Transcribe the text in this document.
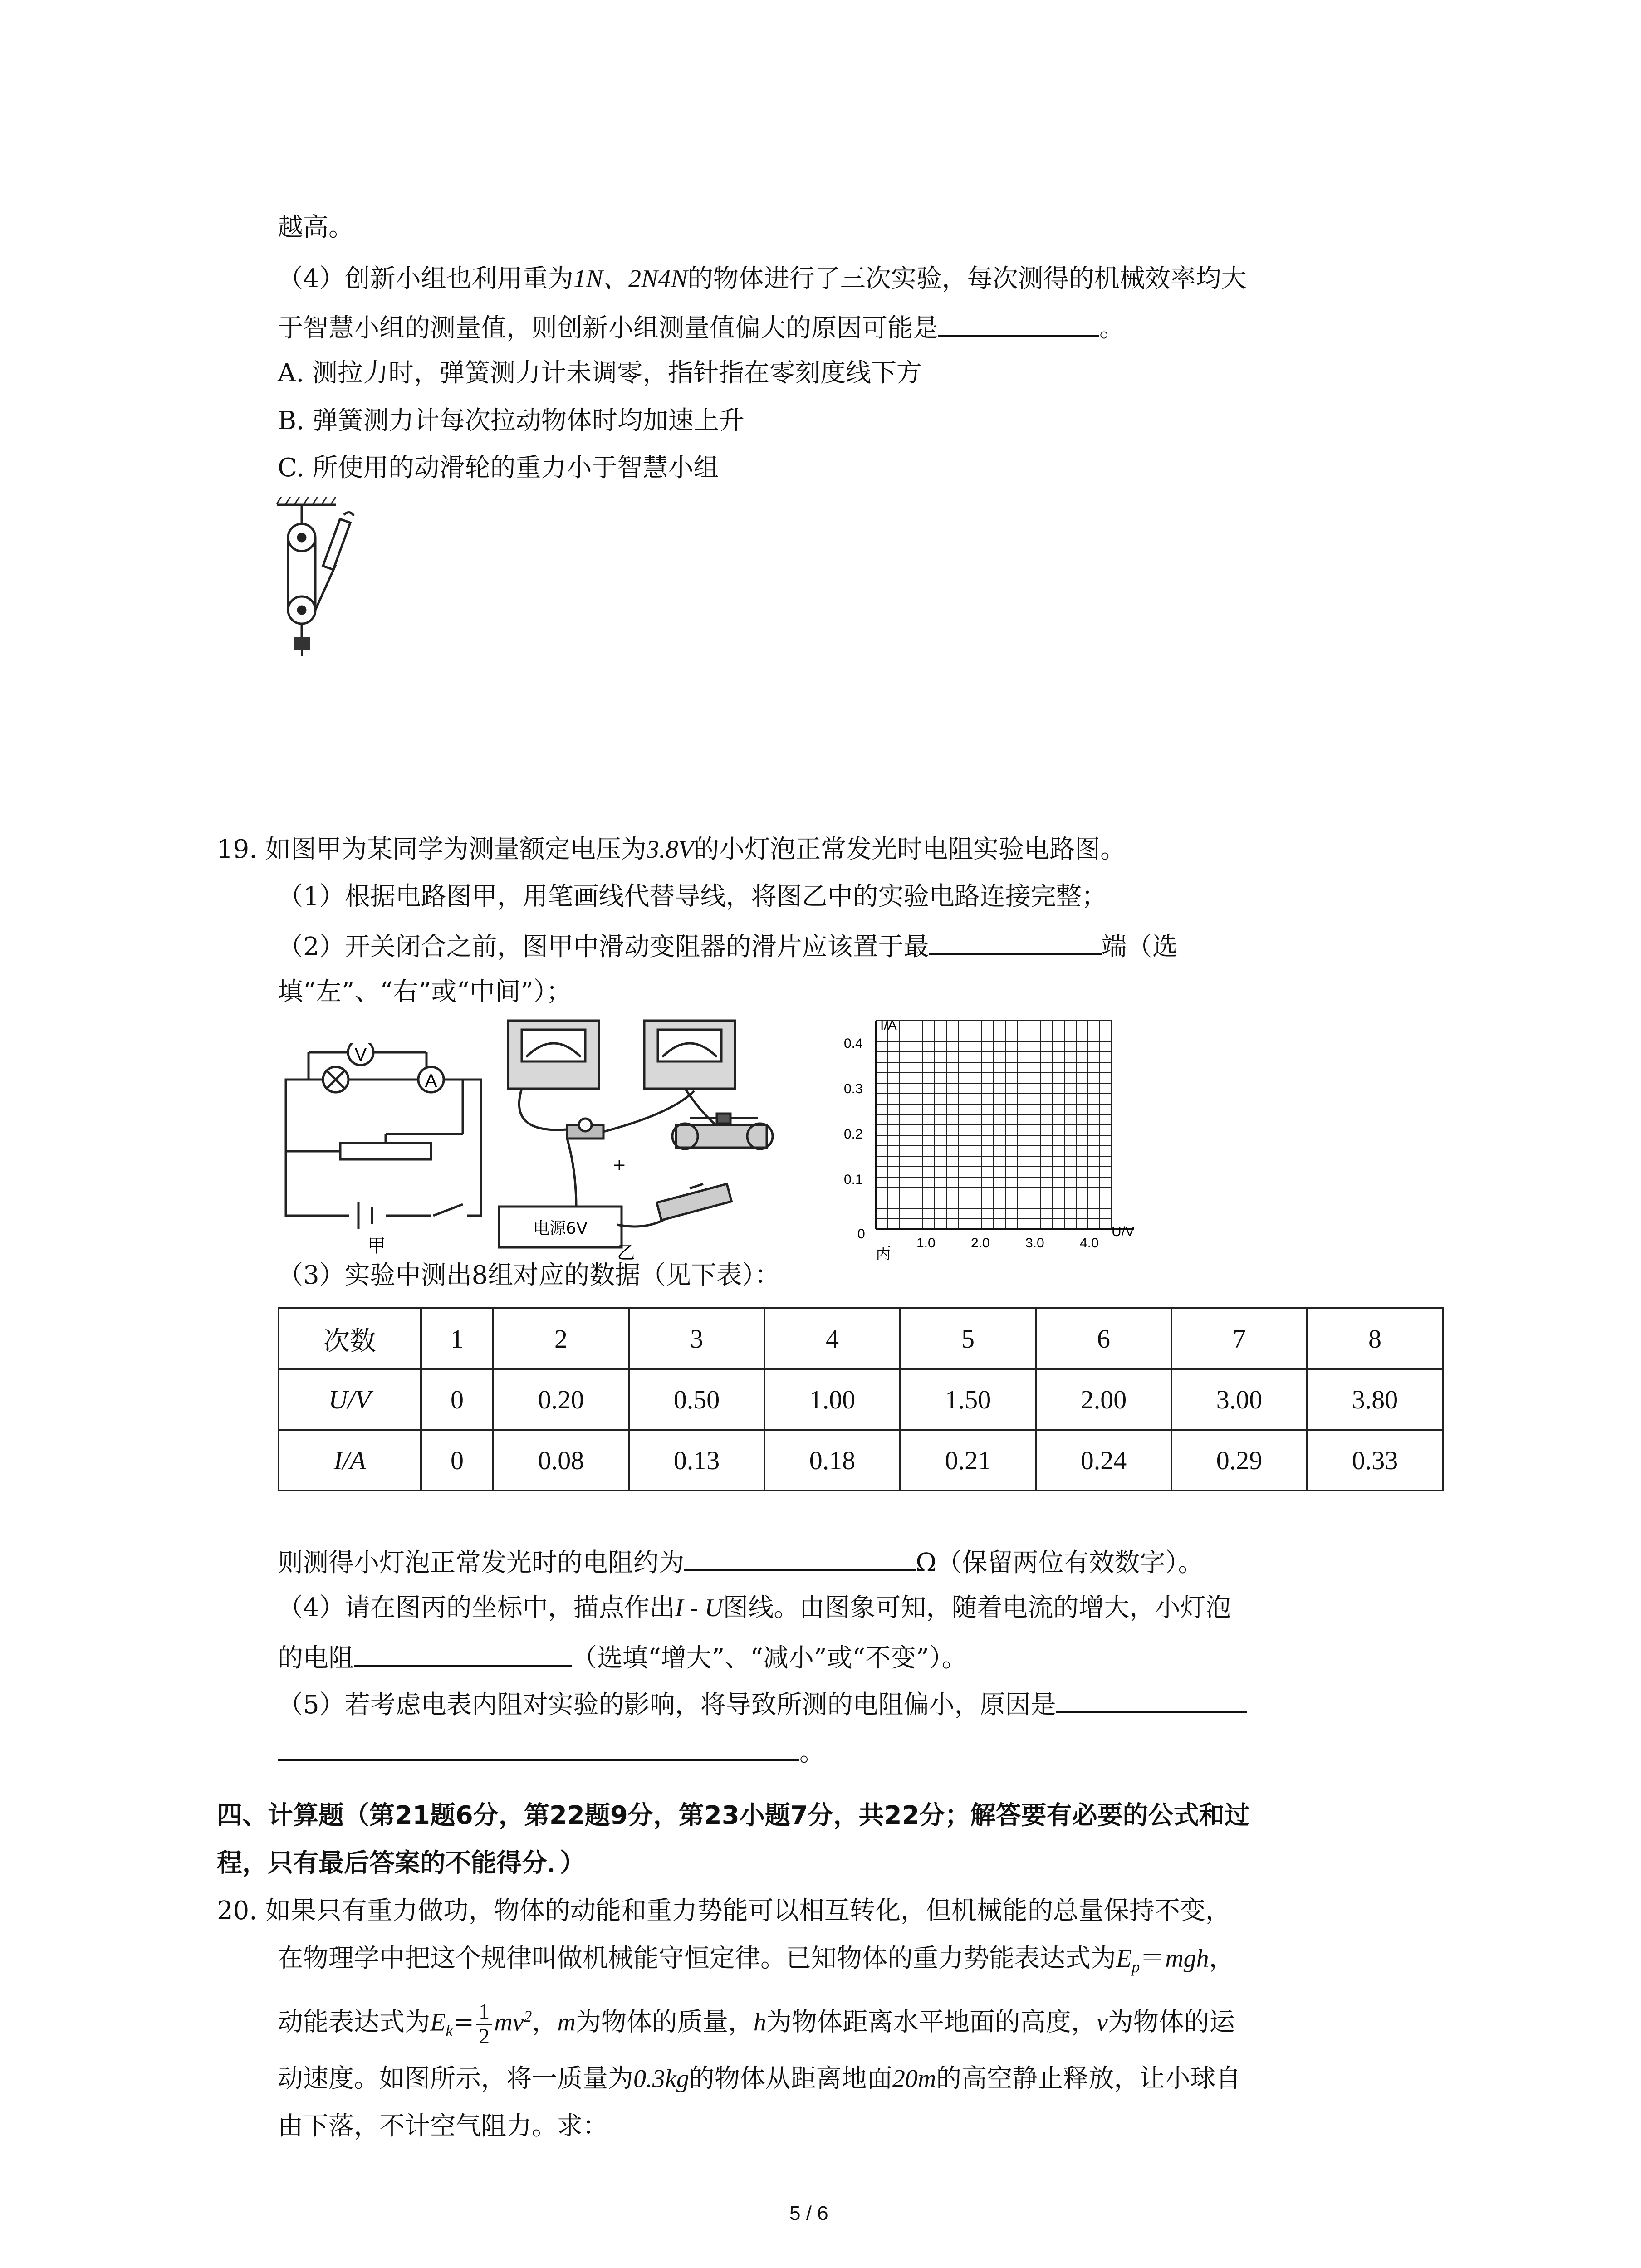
越高。
（4）创新小组也利用重为1N、2N4N的物体进行了三次实验，每次测得的机械效率均大
于智慧小组的测量值，则创新小组测量值偏大的原因可能是	。
A. 测拉力时，弹簧测力计未调零，指针指在零刻度线下方
B. 弹簧测力计每次拉动物体时均加速上升
C. 所使用的动滑轮的重力小于智慧小组
19. 如图甲为某同学为测量额定电压为3.8V的小灯泡正常发光时电阻实验电路图。
（1）根据电路图甲，用笔画线代替导线，将图乙中的实验电路连接完整；
（2）开关闭合之前，图甲中滑动变阻器的滑片应该置于最	端（选
填“左”、“右”或“中间”）；
V
A
甲
电源6V
+
乙
I/A
U/V
0
0.4
0.3
0.2
0.1
1.0	2.0	3.0	4.0
丙
（3）实验中测出8组对应的数据（见下表）：
次数	1	2	3	4	5	6	7	8
U/V	0	0.20	0.50	1.00	1.50	2.00	3.00	3.80
I/A	0	0.08	0.13	0.18	0.21	0.24	0.29	0.33
则测得小灯泡正常发光时的电阻约为	Ω（保留两位有效数字）。
（4）请在图丙的坐标中，描点作出I - U图线。由图象可知，随着电流的增大，小灯泡
的电阻	（选填“增大”、“减小”或“不变”）。
（5）若考虑电表内阻对实验的影响，将导致所测的电阻偏小，原因是
。
四、计算题（第21题6分，第22题9分，第23小题7分，共22分；解答要有必要的公式和过
程，只有最后答案的不能得分．）
20. 如果只有重力做功，物体的动能和重力势能可以相互转化，但机械能的总量保持不变，
在物理学中把这个规律叫做机械能守恒定律。已知物体的重力势能表达式为$E_p=mgh$，
动能表达式为$E_k= \frac{1}{2} mv^2$，m为物体的质量，h为物体距离水平地面的高度，v为物体的运
动速度。如图所示，将一质量为0.3kg的物体从距离地面20m的高空静止释放，让小球自
由下落，不计空气阻力。求：
5 / 6
